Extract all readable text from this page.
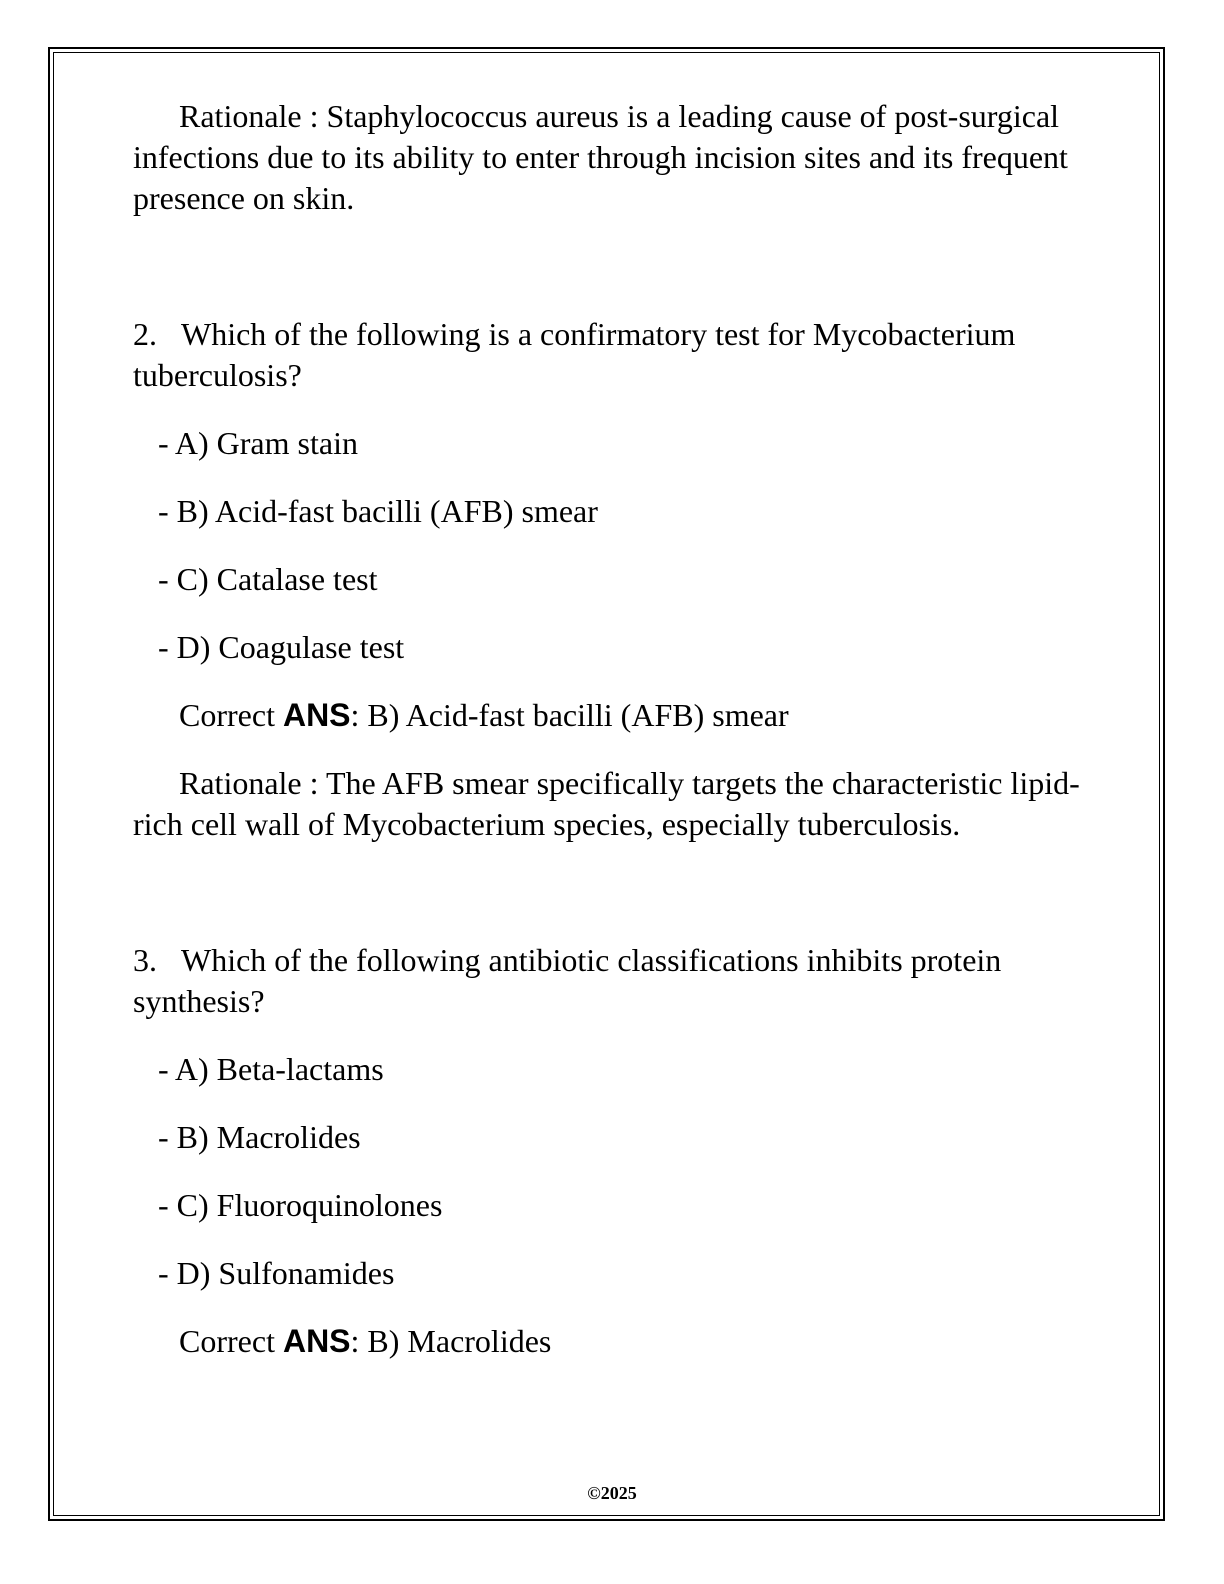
Rationale : Staphylococcus aureus is a leading cause of post-surgical infections due to its ability to enter through incision sites and its frequent presence on skin.

2. Which of the following is a confirmatory test for Mycobacterium tuberculosis?

- A) Gram stain

- B) Acid-fast bacilli (AFB) smear

- C) Catalase test

- D) Coagulase test

Correct ANS: B) Acid-fast bacilli (AFB) smear

Rationale : The AFB smear specifically targets the characteristic lipid-rich cell wall of Mycobacterium species, especially tuberculosis.

3. Which of the following antibiotic classifications inhibits protein synthesis?

- A) Beta-lactams

- B) Macrolides

- C) Fluoroquinolones

- D) Sulfonamides

Correct ANS: B) Macrolides

©2025
